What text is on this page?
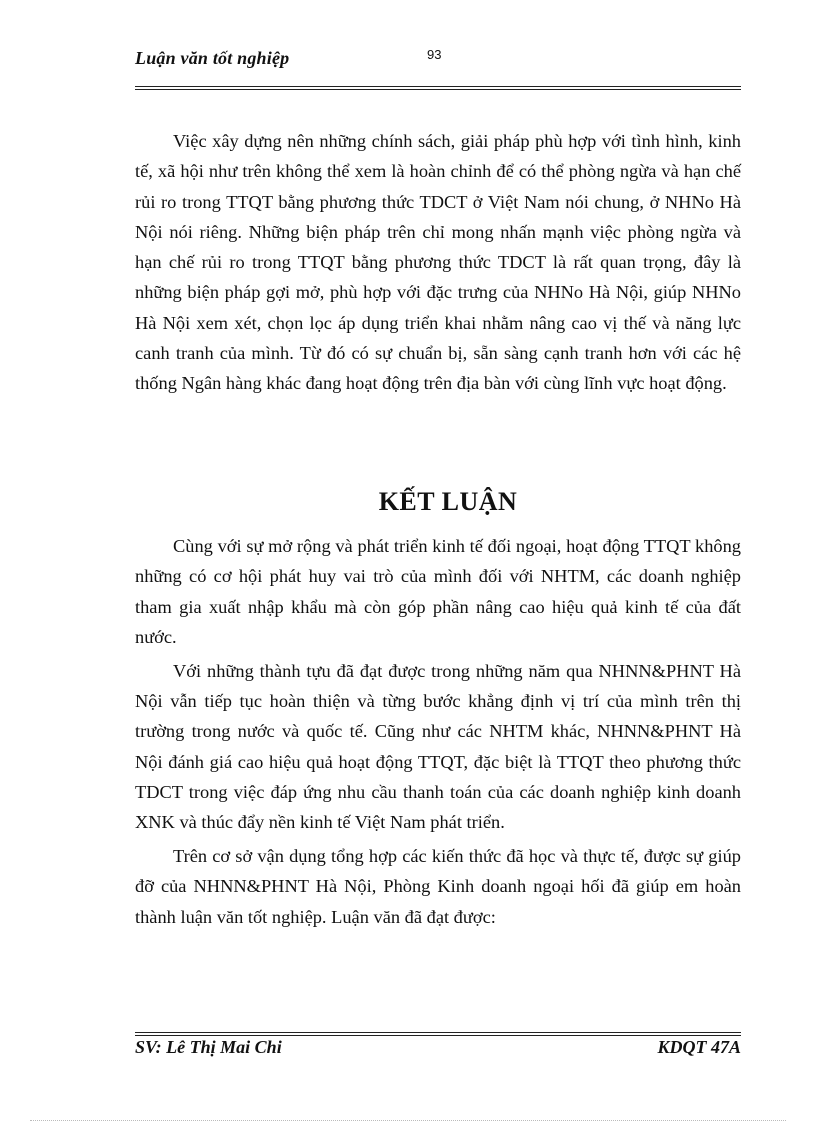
Luận văn tốt nghiệp	93

Việc xây dựng nên những chính sách, giải pháp phù hợp với tình hình, kinh tế, xã hội như trên không thể xem là hoàn chỉnh để có thể phòng ngừa và hạn chế rủi ro trong TTQT bằng phương thức TDCT ở Việt Nam nói chung, ở NHNo Hà Nội nói riêng. Những biện pháp trên chỉ mong nhấn mạnh việc phòng ngừa và hạn chế rủi ro trong TTQT bằng phương thức TDCT là rất quan trọng, đây là những biện pháp gợi mở, phù hợp với đặc trưng của NHNo Hà Nội, giúp NHNo Hà Nội xem xét, chọn lọc áp dụng triển khai nhằm nâng cao vị thế và năng lực canh tranh của mình. Từ đó có sự chuẩn bị, sẵn sàng cạnh tranh hơn với các hệ thống Ngân hàng khác đang hoạt động trên địa bàn với cùng lĩnh vực hoạt động.

KẾT LUẬN

Cùng với sự mở rộng và phát triển kinh tế đối ngoại, hoạt động TTQT không những có cơ hội phát huy vai trò của mình đối với NHTM, các doanh nghiệp tham gia xuất nhập khẩu mà còn góp phần nâng cao hiệu quả kinh tế của đất nước.

Với những thành tựu đã đạt được trong những năm qua NHNN&PHNT Hà Nội vẫn tiếp tục hoàn thiện và từng bước khẳng định vị trí của mình trên thị trường trong nước và quốc tế. Cũng như các NHTM khác, NHNN&PHNT Hà Nội đánh giá cao hiệu quả hoạt động TTQT, đặc biệt là TTQT theo phương thức TDCT trong việc đáp ứng nhu cầu thanh toán của các doanh nghiệp kinh doanh XNK và thúc đẩy nền kinh tế Việt Nam phát triển.

Trên cơ sở vận dụng tổng hợp các kiến thức đã học và thực tế, được sự giúp đỡ của NHNN&PHNT Hà Nội, Phòng Kinh doanh ngoại hối đã giúp em hoàn thành luận văn tốt nghiệp. Luận văn đã đạt được:

SV: Lê Thị Mai Chi	KDQT 47A
